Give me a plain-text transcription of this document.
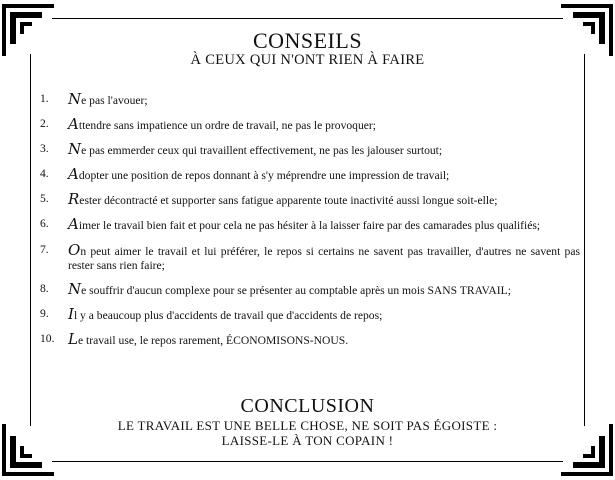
CONSEILS
À CEUX QUI N'ONT RIEN À FAIRE
1.	Ne pas l'avouer;
2.	Attendre sans impatience un ordre de travail, ne pas le provoquer;
3.	Ne pas emmerder ceux qui travaillent effectivement, ne pas les jalouser surtout;
4.	Adopter une position de repos donnant à s'y méprendre une impression de travail;
5.	Rester décontracté et supporter sans fatigue apparente toute inactivité aussi longue soit-elle;
6.	Aimer le travail bien fait et pour cela ne pas hésiter à la laisser faire par des camarades plus qualifiés;
7.	On peut aimer le travail et lui préférer, le repos si certains ne savent pas travailler, d'autres ne savent pas rester sans rien faire;
8.	Ne souffrir d'aucun complexe pour se présenter au comptable après un mois SANS TRAVAIL;
9.	Il y a beaucoup plus d'accidents de travail que d'accidents de repos;
10. Le travail use, le repos rarement, ÉCONOMISONS-NOUS.
CONCLUSION
LE TRAVAIL EST UNE BELLE CHOSE, NE SOIT PAS ÉGOISTE :
LAISSE-LE À TON COPAIN !
